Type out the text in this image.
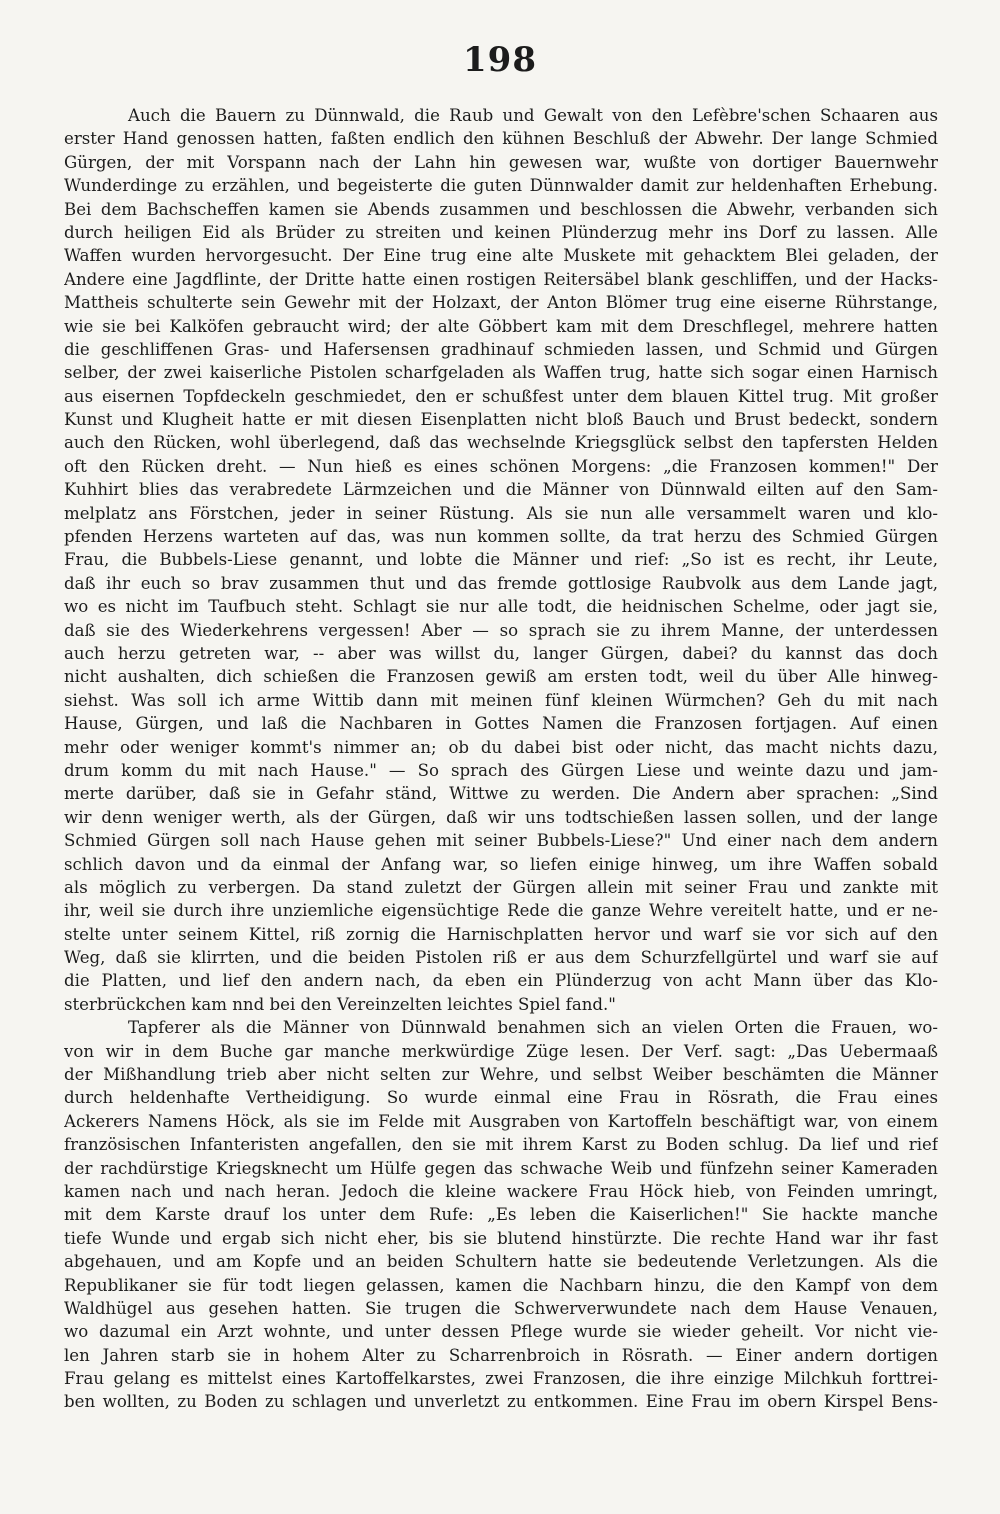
198
Auch die Bauern zu Dünnwald, die Raub und Gewalt von den Lefèbre'schen Schaaren aus
erster Hand genossen hatten, faßten endlich den kühnen Beschluß der Abwehr. Der lange Schmied
Gürgen, der mit Vorspann nach der Lahn hin gewesen war, wußte von dortiger Bauernwehr
Wunderdinge zu erzählen, und begeisterte die guten Dünnwalder damit zur heldenhaften Erhebung.
Bei dem Bachscheffen kamen sie Abends zusammen und beschlossen die Abwehr, verbanden sich
durch heiligen Eid als Brüder zu streiten und keinen Plünderzug mehr ins Dorf zu lassen. Alle
Waffen wurden hervorgesucht. Der Eine trug eine alte Muskete mit gehacktem Blei geladen, der
Andere eine Jagdflinte, der Dritte hatte einen rostigen Reitersäbel blank geschliffen, und der Hacks-
Mattheis schulterte sein Gewehr mit der Holzaxt, der Anton Blömer trug eine eiserne Rührstange,
wie sie bei Kalköfen gebraucht wird; der alte Göbbert kam mit dem Dreschflegel, mehrere hatten
die geschliffenen Gras- und Hafersensen gradhinauf schmieden lassen, und Schmid und Gürgen
selber, der zwei kaiserliche Pistolen scharfgeladen als Waffen trug, hatte sich sogar einen Harnisch
aus eisernen Topfdeckeln geschmiedet, den er schußfest unter dem blauen Kittel trug. Mit großer
Kunst und Klugheit hatte er mit diesen Eisenplatten nicht bloß Bauch und Brust bedeckt, sondern
auch den Rücken, wohl überlegend, daß das wechselnde Kriegsglück selbst den tapfersten Helden
oft den Rücken dreht. — Nun hieß es eines schönen Morgens: „die Franzosen kommen!" Der
Kuhhirt blies das verabredete Lärmzeichen und die Männer von Dünnwald eilten auf den Sam-
melplatz ans Förstchen, jeder in seiner Rüstung. Als sie nun alle versammelt waren und klo-
pfenden Herzens warteten auf das, was nun kommen sollte, da trat herzu des Schmied Gürgen
Frau, die Bubbels-Liese genannt, und lobte die Männer und rief: „So ist es recht, ihr Leute,
daß ihr euch so brav zusammen thut und das fremde gottlosige Raubvolk aus dem Lande jagt,
wo es nicht im Taufbuch steht. Schlagt sie nur alle todt, die heidnischen Schelme, oder jagt sie,
daß sie des Wiederkehrens vergessen! Aber — so sprach sie zu ihrem Manne, der unterdessen
auch herzu getreten war, -- aber was willst du, langer Gürgen, dabei? du kannst das doch
nicht aushalten, dich schießen die Franzosen gewiß am ersten todt, weil du über Alle hinweg-
siehst. Was soll ich arme Wittib dann mit meinen fünf kleinen Würmchen? Geh du mit nach
Hause, Gürgen, und laß die Nachbaren in Gottes Namen die Franzosen fortjagen. Auf einen
mehr oder weniger kommt's nimmer an; ob du dabei bist oder nicht, das macht nichts dazu,
drum komm du mit nach Hause." — So sprach des Gürgen Liese und weinte dazu und jam-
merte darüber, daß sie in Gefahr ständ, Wittwe zu werden. Die Andern aber sprachen: „Sind
wir denn weniger werth, als der Gürgen, daß wir uns todtschießen lassen sollen, und der lange
Schmied Gürgen soll nach Hause gehen mit seiner Bubbels-Liese?" Und einer nach dem andern
schlich davon und da einmal der Anfang war, so liefen einige hinweg, um ihre Waffen sobald
als möglich zu verbergen. Da stand zuletzt der Gürgen allein mit seiner Frau und zankte mit
ihr, weil sie durch ihre unziemliche eigensüchtige Rede die ganze Wehre vereitelt hatte, und er ne-
stelte unter seinem Kittel, riß zornig die Harnischplatten hervor und warf sie vor sich auf den
Weg, daß sie klirrten, und die beiden Pistolen riß er aus dem Schurzfellgürtel und warf sie auf
die Platten, und lief den andern nach, da eben ein Plünderzug von acht Mann über das Klo-
sterbrückchen kam nnd bei den Vereinzelten leichtes Spiel fand."
Tapferer als die Männer von Dünnwald benahmen sich an vielen Orten die Frauen, wo-
von wir in dem Buche gar manche merkwürdige Züge lesen. Der Verf. sagt: „Das Uebermaaß
der Mißhandlung trieb aber nicht selten zur Wehre, und selbst Weiber beschämten die Männer
durch heldenhafte Vertheidigung. So wurde einmal eine Frau in Rösrath, die Frau eines
Ackerers Namens Höck, als sie im Felde mit Ausgraben von Kartoffeln beschäftigt war, von einem
französischen Infanteristen angefallen, den sie mit ihrem Karst zu Boden schlug. Da lief und rief
der rachdürstige Kriegsknecht um Hülfe gegen das schwache Weib und fünfzehn seiner Kameraden
kamen nach und nach heran. Jedoch die kleine wackere Frau Höck hieb, von Feinden umringt,
mit dem Karste drauf los unter dem Rufe: „Es leben die Kaiserlichen!" Sie hackte manche
tiefe Wunde und ergab sich nicht eher, bis sie blutend hinstürzte. Die rechte Hand war ihr fast
abgehauen, und am Kopfe und an beiden Schultern hatte sie bedeutende Verletzungen. Als die
Republikaner sie für todt liegen gelassen, kamen die Nachbarn hinzu, die den Kampf von dem
Waldhügel aus gesehen hatten. Sie trugen die Schwerverwundete nach dem Hause Venauen,
wo dazumal ein Arzt wohnte, und unter dessen Pflege wurde sie wieder geheilt. Vor nicht vie-
len Jahren starb sie in hohem Alter zu Scharrenbroich in Rösrath. — Einer andern dortigen
Frau gelang es mittelst eines Kartoffelkarstes, zwei Franzosen, die ihre einzige Milchkuh forttrei-
ben wollten, zu Boden zu schlagen und unverletzt zu entkommen. Eine Frau im obern Kirspel Bens-
